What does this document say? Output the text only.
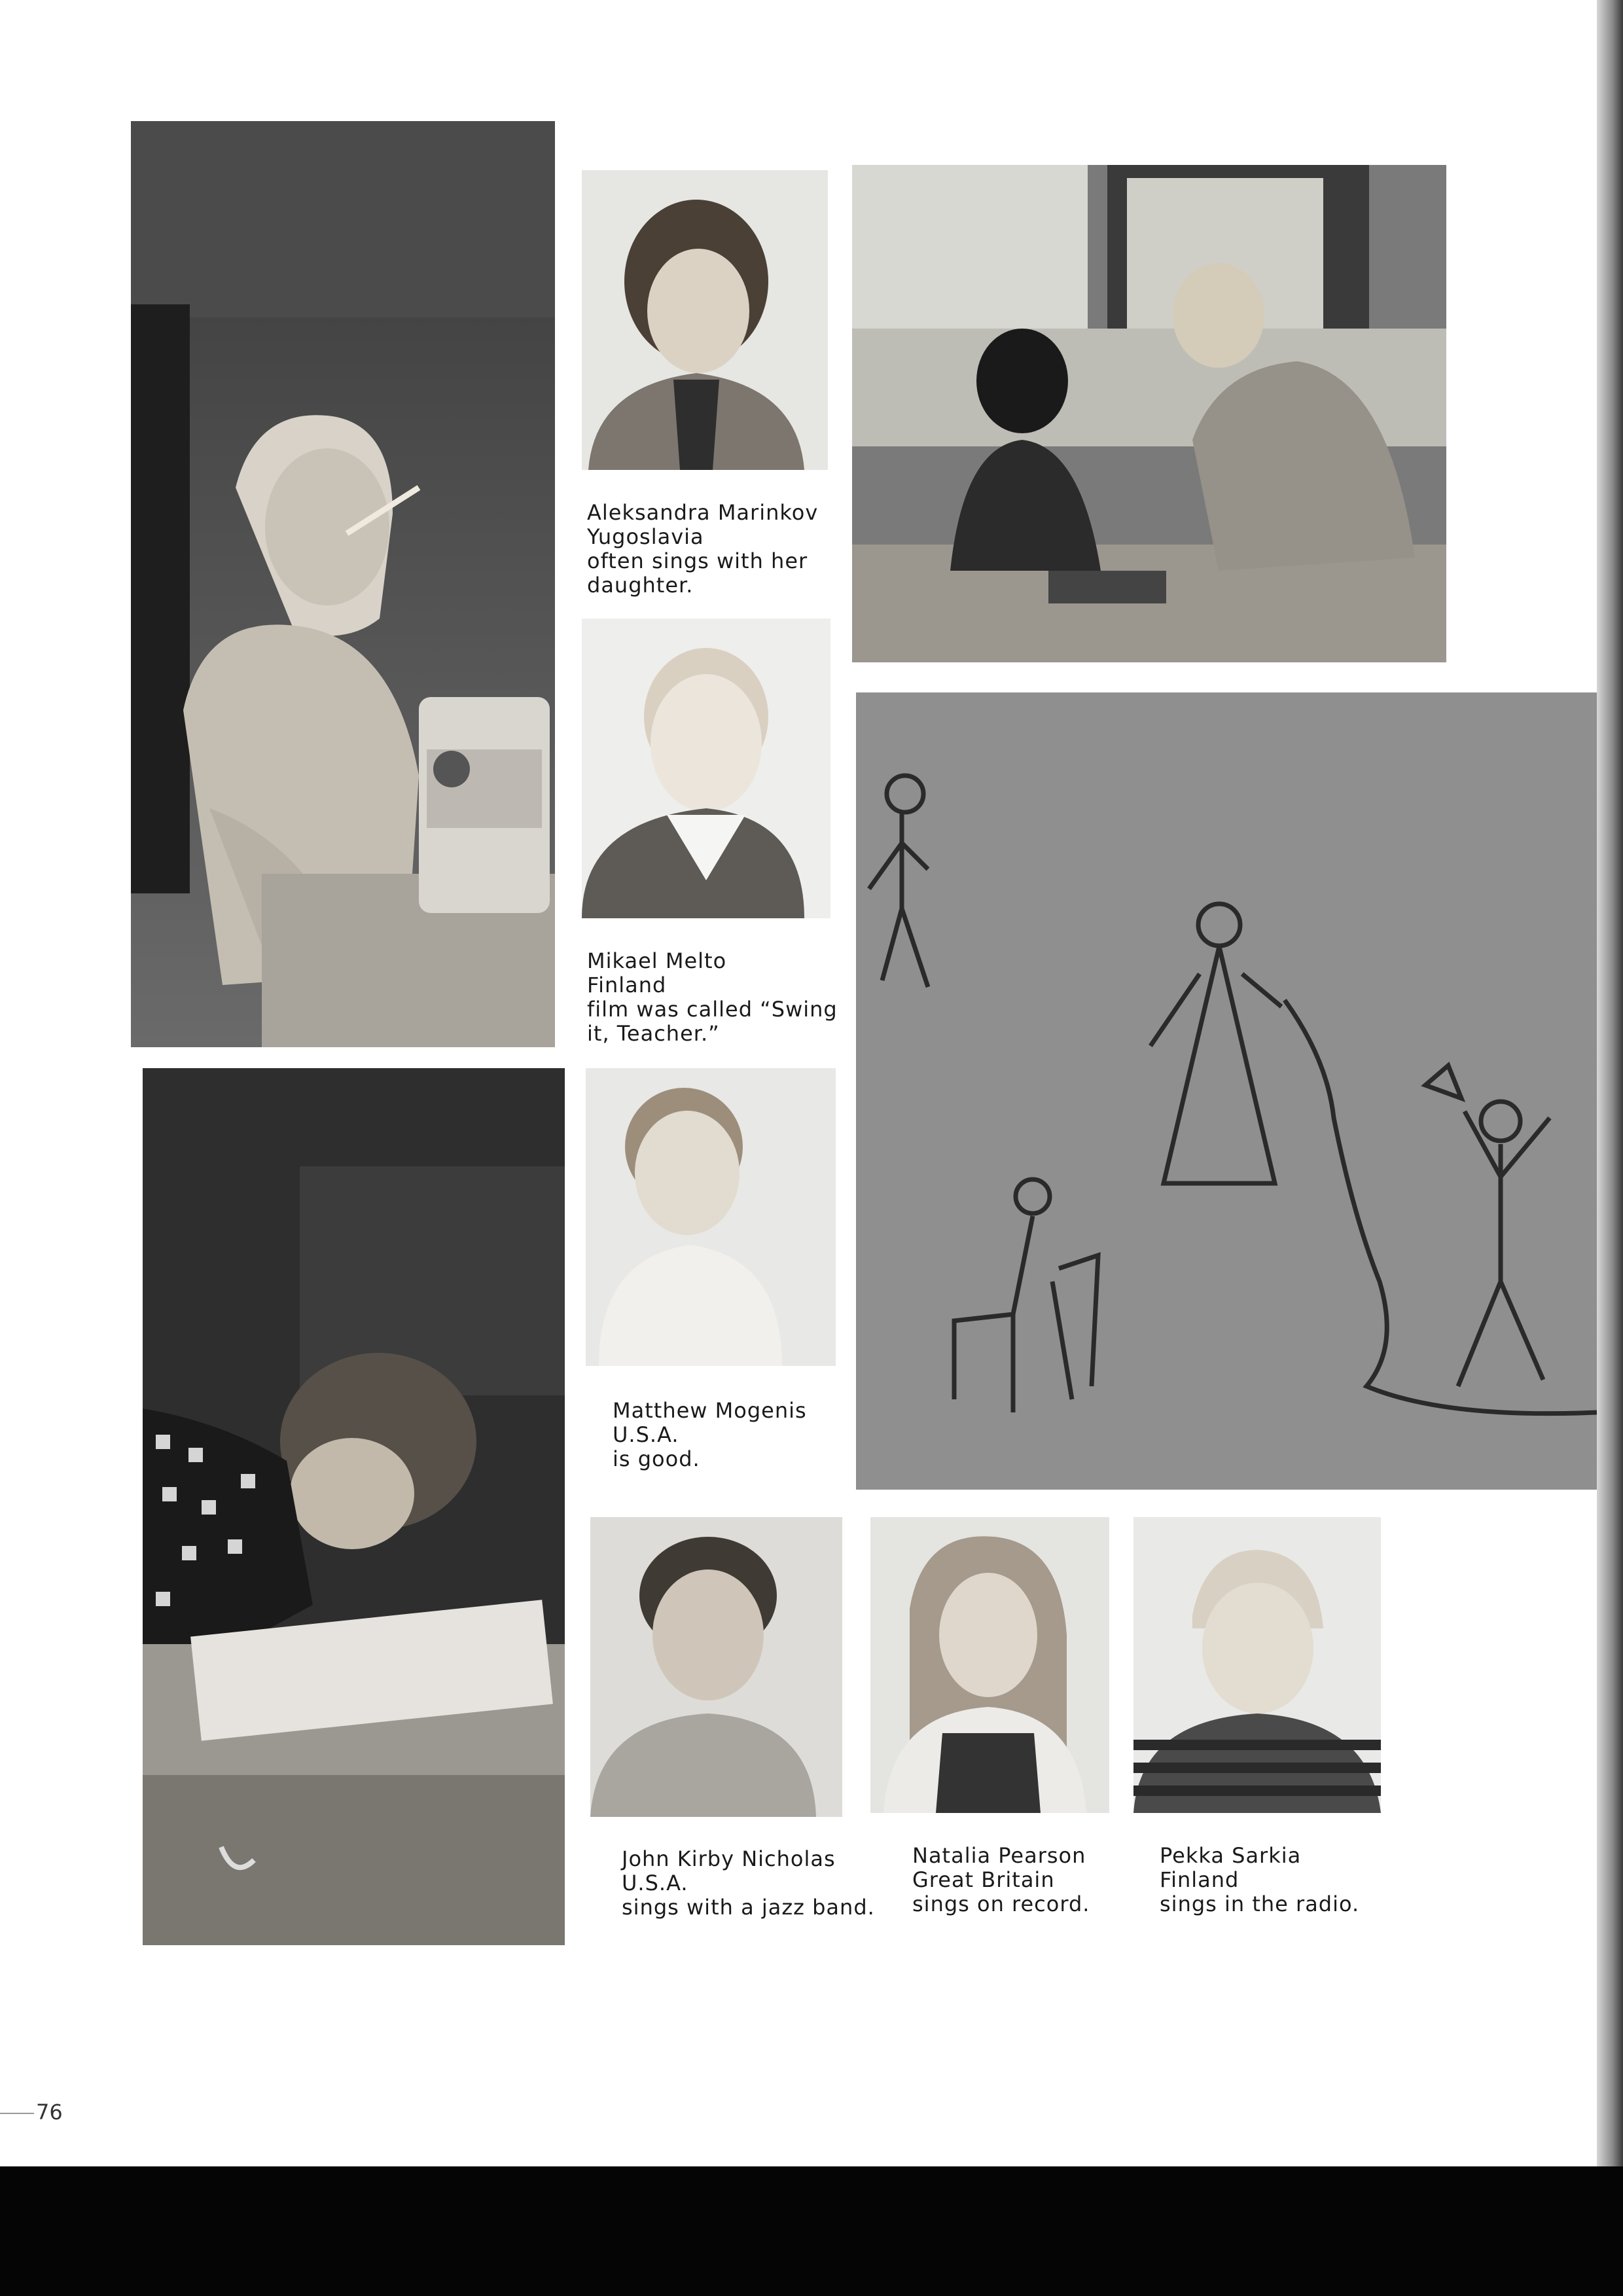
Aleksandra Marinkov
Yugoslavia
often sings with her
daughter.
Mikael Melto
Finland
film was called “Swing
it, Teacher.”
Matthew Mogenis
U.S.A.
is good.
John Kirby Nicholas
U.S.A.
sings with a jazz band.
Natalia Pearson
Great Britain
sings on record.
Pekka Sarkia
Finland
sings in the radio.
76
